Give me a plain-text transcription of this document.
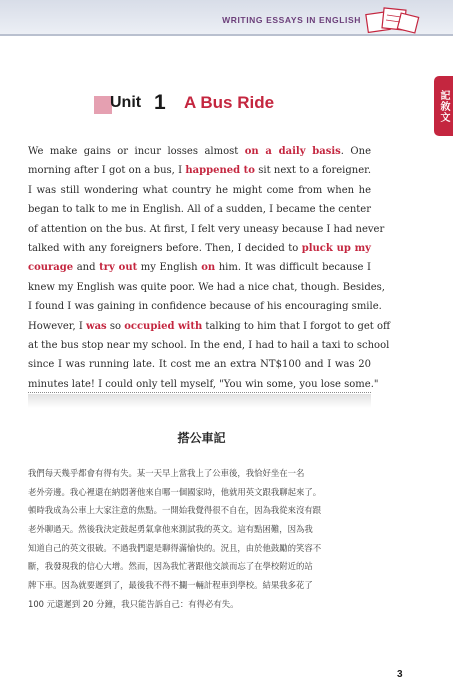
WRITING ESSAYS IN ENGLISH
記敘文
Unit 1 A Bus Ride
We make gains or incur losses almost on a daily basis. One
morning after I got on a bus, I happened to sit next to a foreigner.
I was still wondering what country he might come from when he
began to talk to me in English. All of a sudden, I became the center
of attention on the bus. At first, I felt very uneasy because I had never
talked with any foreigners before. Then, I decided to pluck up my
courage and try out my English on him. It was difficult because I
knew my English was quite poor. We had a nice chat, though. Besides,
I found I was gaining in confidence because of his encouraging smile.
However, I was so occupied with talking to him that I forgot to get off
at the bus stop near my school. In the end, I had to hail a taxi to school
since I was running late. It cost me an extra NT$100 and I was 20
minutes late! I could only tell myself, "You win some, you lose some."
搭公車記
我們每天幾乎都會有得有失。某一天早上當我上了公車後，我恰好坐在一名
老外旁邊。我心裡還在納悶著他來自哪一個國家時，他就用英文跟我聊起來了。
頓時我成為公車上大家注意的焦點。一開始我覺得很不自在，因為我從來沒有跟
老外聊過天。然後我決定鼓起勇氣拿他來測試我的英文。這有點困難，因為我
知道自己的英文很破。不過我們還是聊得滿愉快的。況且，由於他鼓勵的笑容不
斷，我發現我的信心大增。然而，因為我忙著跟他交談而忘了在學校附近的站
牌下車。因為就要遲到了，最後我不得不攔一輛計程車到學校。結果我多花了
100 元還遲到 20 分鐘，我只能告訴自己：有得必有失。
3
